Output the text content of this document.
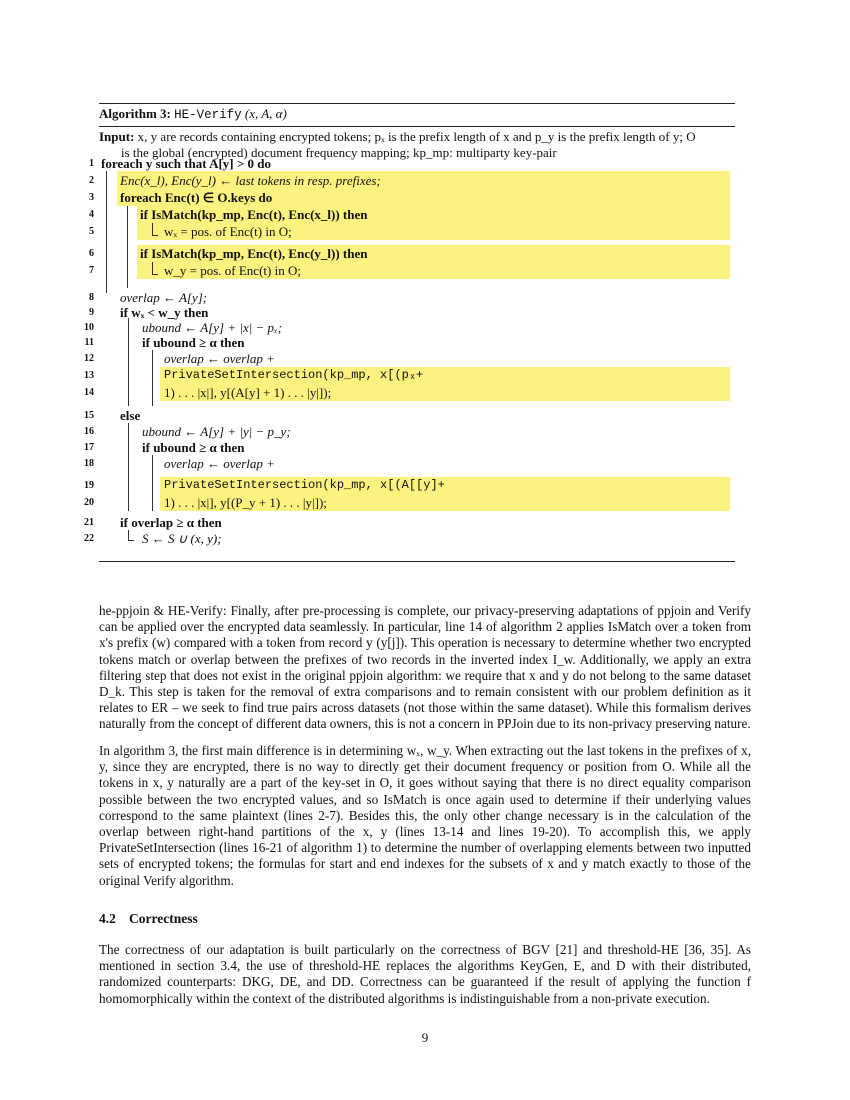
Algorithm 3: HE-Verify (x, A, α)
Input: x, y are records containing encrypted tokens; pₓ is the prefix length of x and p_y is the prefix length of y; O
is the global (encrypted) document frequency mapping; kp_mp: multiparty key-pair
1
2
3
4
5
6
7
8
9
10
11
12
13
14
15
16
17
18
19
20
21
22
foreach y such that A[y] > 0 do
Enc(x_l), Enc(y_l) ← last tokens in resp. prefixes;
foreach Enc(t) ∈ O.keys do
if IsMatch(kp_mp, Enc(t), Enc(x_l)) then
wₓ = pos. of Enc(t) in O;
if IsMatch(kp_mp, Enc(t), Enc(y_l)) then
w_y = pos. of Enc(t) in O;
overlap ← A[y];
if wₓ < w_y then
ubound ← A[y] + |x| − pₓ;
if ubound ≥ α then
overlap ← overlap +
PrivateSetIntersection(kp_mp, x[(pₓ+
1) . . . |x|], y[(A[y] + 1) . . . |y|]);
else
ubound ← A[y] + |y| − p_y;
if ubound ≥ α then
overlap ← overlap +
PrivateSetIntersection(kp_mp, x[(A[[y]+
1) . . . |x|], y[(P_y + 1) . . . |y|]);
if overlap ≥ α then
S ← S ∪ (x, y);
he-ppjoin & HE-Verify: Finally, after pre-processing is complete, our privacy-preserving adaptations of ppjoin and Verify can be applied over the encrypted data seamlessly. In particular, line 14 of algorithm 2 applies IsMatch over a token from x's prefix (w) compared with a token from record y (y[j]). This operation is necessary to determine whether two encrypted tokens match or overlap between the prefixes of two records in the inverted index I_w. Additionally, we apply an extra filtering step that does not exist in the original ppjoin algorithm: we require that x and y do not belong to the same dataset D_k. This step is taken for the removal of extra comparisons and to remain consistent with our problem definition as it relates to ER – we seek to find true pairs across datasets (not those within the same dataset). While this formalism derives naturally from the concept of different data owners, this is not a concern in PPJoin due to its non-privacy preserving nature.
In algorithm 3, the first main difference is in determining wₓ, w_y. When extracting out the last tokens in the prefixes of x, y, since they are encrypted, there is no way to directly get their document frequency or position from O. While all the tokens in x, y naturally are a part of the key-set in O, it goes without saying that there is no direct equality comparison possible between the two encrypted values, and so IsMatch is once again used to determine if their underlying values correspond to the same plaintext (lines 2-7). Besides this, the only other change necessary is in the calculation of the overlap between right-hand partitions of the x, y (lines 13-14 and lines 19-20). To accomplish this, we apply PrivateSetIntersection (lines 16-21 of algorithm 1) to determine the number of overlapping elements between two inputted sets of encrypted tokens; the formulas for start and end indexes for the subsets of x and y match exactly to those of the original Verify algorithm.
4.2 Correctness
The correctness of our adaptation is built particularly on the correctness of BGV [21] and threshold-HE [36, 35]. As mentioned in section 3.4, the use of threshold-HE replaces the algorithms KeyGen, E, and D with their distributed, randomized counterparts: DKG, DE, and DD. Correctness can be guaranteed if the result of applying the function f homomorphically within the context of the distributed algorithms is indistinguishable from a non-private execution.
9
